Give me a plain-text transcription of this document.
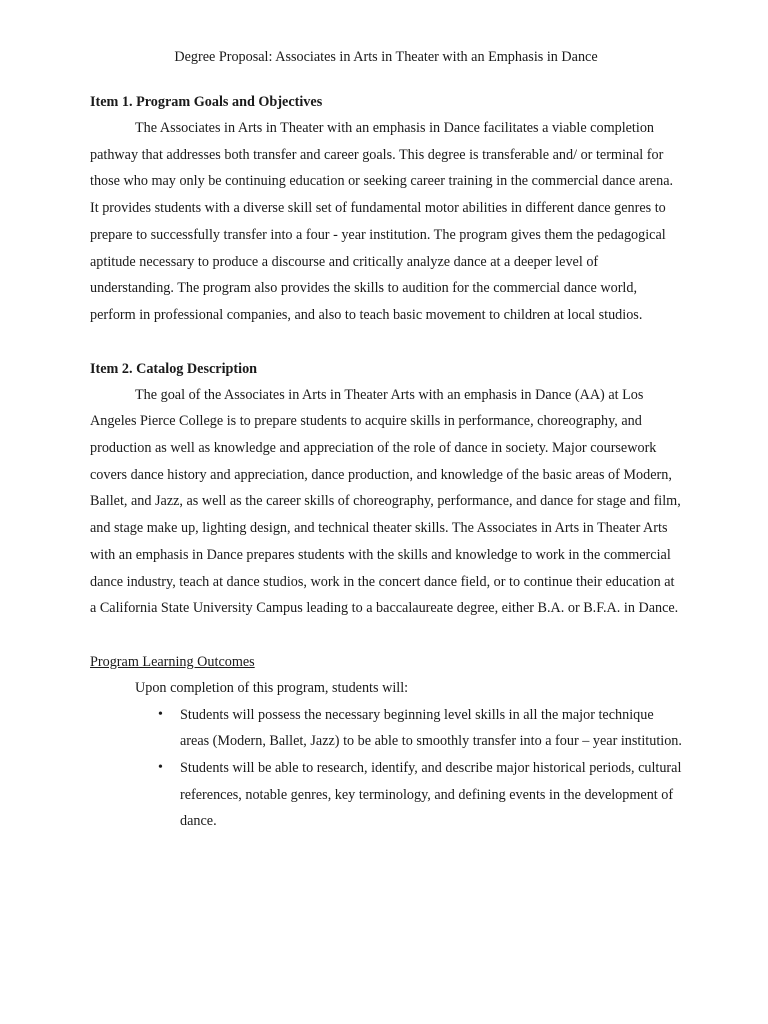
Degree Proposal: Associates in Arts in Theater with an Emphasis in Dance

Item 1. Program Goals and Objectives

The Associates in Arts in Theater with an emphasis in Dance facilitates a viable completion pathway that addresses both transfer and career goals. This degree is transferable and/ or terminal for those who may only be continuing education or seeking career training in the commercial dance arena. It provides students with a diverse skill set of fundamental motor abilities in different dance genres to prepare to successfully transfer into a four - year institution. The program gives them the pedagogical aptitude necessary to produce a discourse and critically analyze dance at a deeper level of understanding. The program also provides the skills to audition for the commercial dance world, perform in professional companies, and also to teach basic movement to children at local studios.

Item 2. Catalog Description

The goal of the Associates in Arts in Theater Arts with an emphasis in Dance (AA) at Los Angeles Pierce College is to prepare students to acquire skills in performance, choreography, and production as well as knowledge and appreciation of the role of dance in society. Major coursework covers dance history and appreciation, dance production, and knowledge of the basic areas of Modern, Ballet, and Jazz, as well as the career skills of choreography, performance, and dance for stage and film, and stage make up, lighting design, and technical theater skills. The Associates in Arts in Theater Arts with an emphasis in Dance prepares students with the skills and knowledge to work in the commercial dance industry, teach at dance studios, work in the concert dance field, or to continue their education at a California State University Campus leading to a baccalaureate degree, either B.A. or B.F.A. in Dance.

Program Learning Outcomes

Upon completion of this program, students will:

• Students will possess the necessary beginning level skills in all the major technique areas (Modern, Ballet, Jazz) to be able to smoothly transfer into a four – year institution.
• Students will be able to research, identify, and describe major historical periods, cultural references, notable genres, key terminology, and defining events in the development of dance.
